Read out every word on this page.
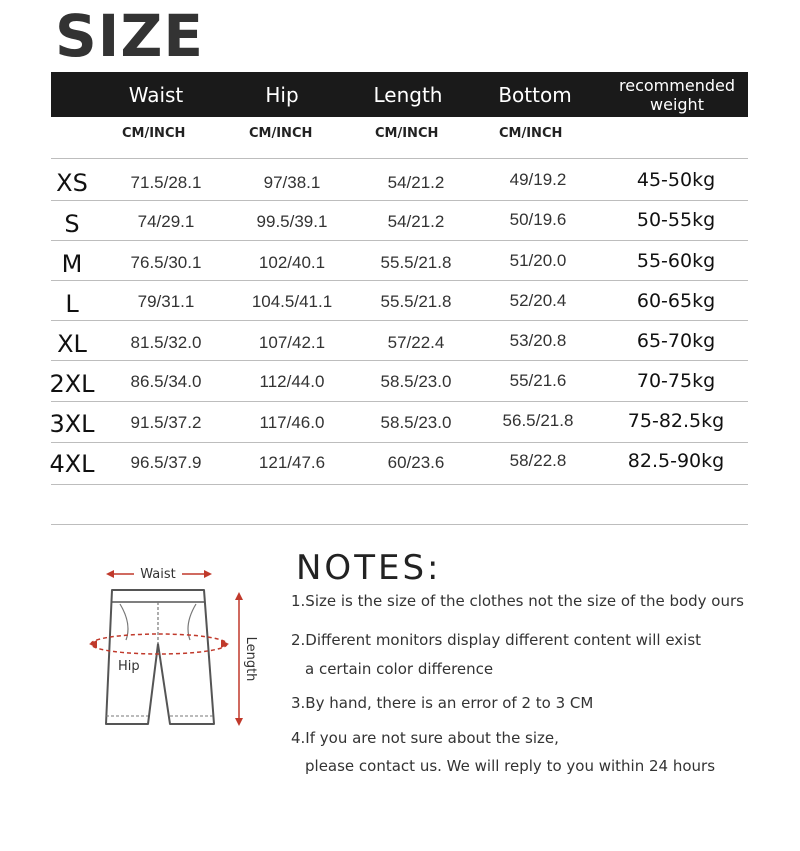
SIZE
Waist	Hip	Length	Bottom	recommended
weight
CM/INCH	CM/INCH	CM/INCH	CM/INCH
XS	71.5/28.1	97/38.1	54/21.2	49/19.2	45-50kg
S	74/29.1	99.5/39.1	54/21.2	50/19.6	50-55kg
M	76.5/30.1	102/40.1	55.5/21.8	51/20.0	55-60kg
L	79/31.1	104.5/41.1	55.5/21.8	52/20.4	60-65kg
XL	81.5/32.0	107/42.1	57/22.4	53/20.8	65-70kg
2XL	86.5/34.0	112/44.0	58.5/23.0	55/21.6	70-75kg
3XL	91.5/37.2	117/46.0	58.5/23.0	56.5/21.8	75-82.5kg
4XL	96.5/37.9	121/47.6	60/23.6	58/22.8	82.5-90kg
Waist
Hip	Length
NOTES:
1.Size is the size of the clothes not the size of the body ours
2.Different monitors display different content will exist
a certain color difference
3.By hand, there is an error of 2 to 3 CM
4.If you are not sure about the size,
please contact us. We will reply to you within 24 hours
